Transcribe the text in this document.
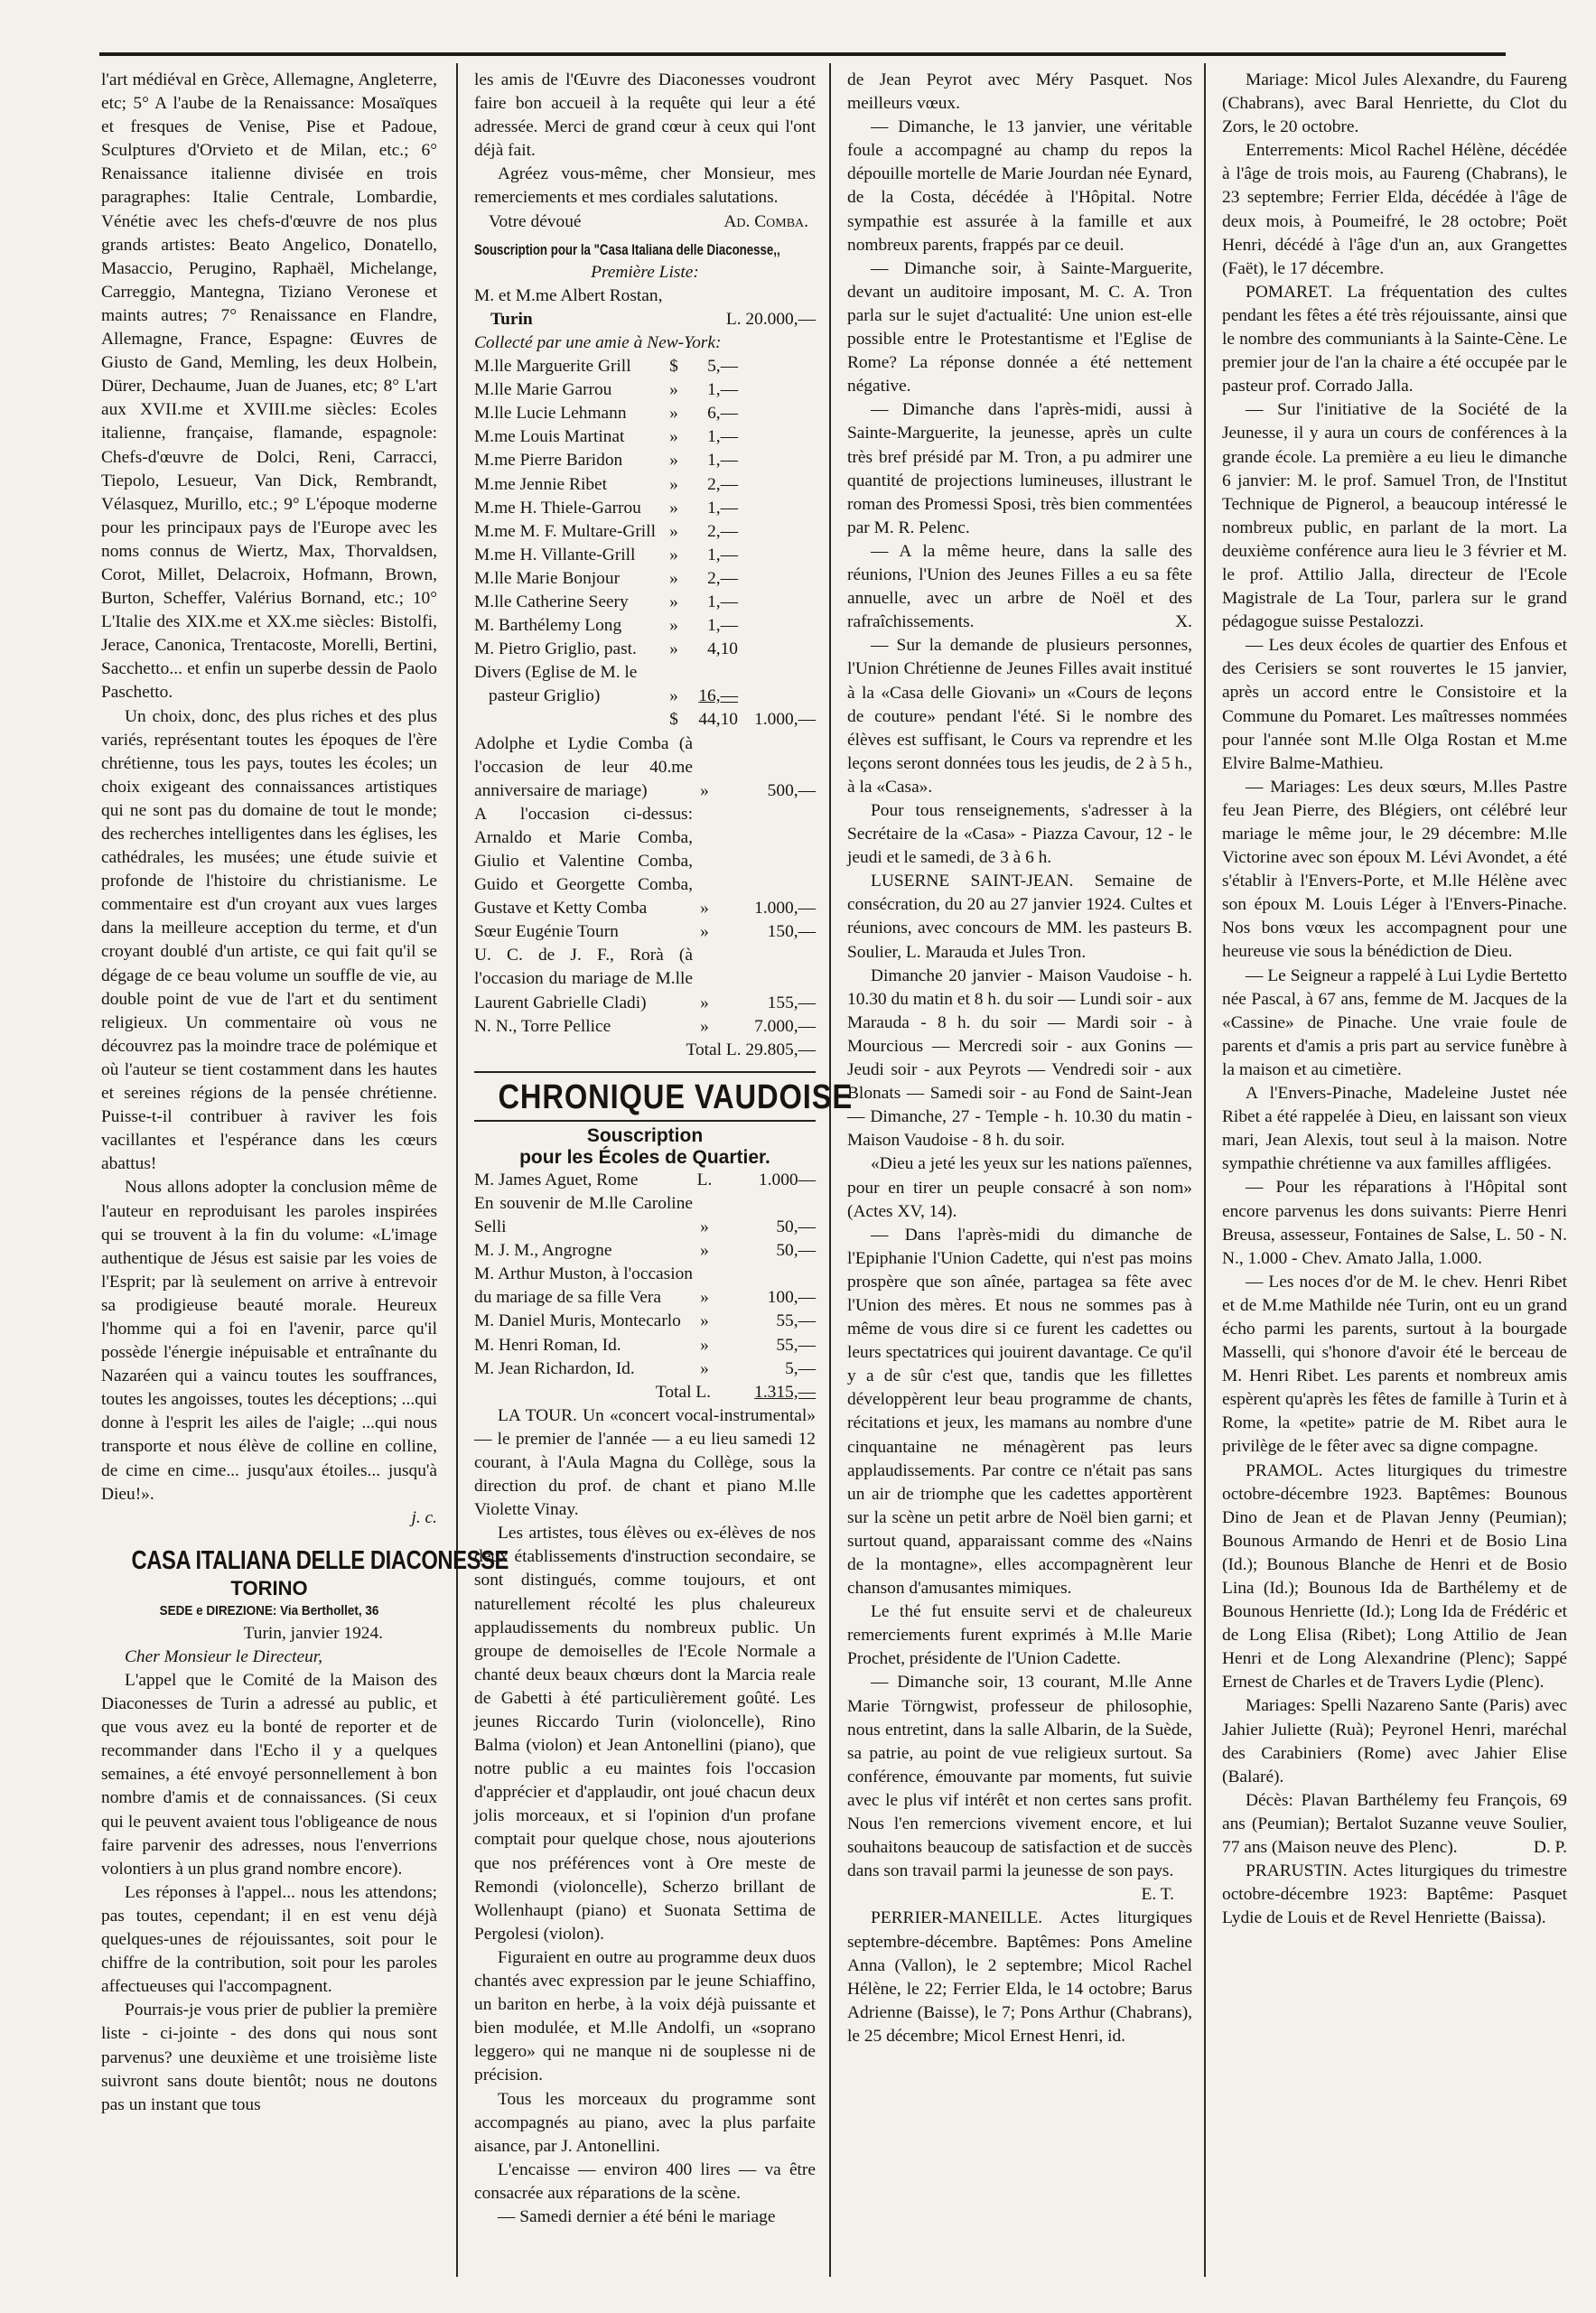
l'art médiéval en Grèce, Allemagne, Angleterre, etc; 5° A l'aube de la Renaissance: Mosaïques et fresques de Venise, Pise et Padoue, Sculptures d'Orvieto et de Milan, etc.; 6° Renaissance italienne divisée en trois paragraphes: Italie Centrale, Lombardie, Vénétie avec les chefs-d'œuvre de nos plus grands artistes: Beato Angelico, Donatello, Masaccio, Perugino, Raphaël, Michelange, Carreggio, Mantegna, Tiziano Veronese et maints autres; 7° Renaissance en Flandre, Allemagne, France, Espagne: Œuvres de Giusto de Gand, Memling, les deux Holbein, Dürer, Dechaume, Juan de Juanes, etc; 8° L'art aux XVII.me et XVIII.me siècles: Ecoles italienne, française, flamande, espagnole: Chefs-d'œuvre de Dolci, Reni, Carracci, Tiepolo, Lesueur, Van Dick, Rembrandt, Vélasquez, Murillo, etc.; 9° L'époque moderne pour les principaux pays de l'Europe avec les noms connus de Wiertz, Max, Thorvaldsen, Corot, Millet, Delacroix, Hofmann, Brown, Burton, Scheffer, Valérius Bornand, etc.; 10° L'Italie des XIX.me et XX.me siècles: Bistolfi, Jerace, Canonica, Trentacoste, Morelli, Bertini, Sacchetto... et enfin un superbe dessin de Paolo Paschetto.

Un choix, donc, des plus riches et des plus variés, représentant toutes les époques de l'ère chrétienne, tous les pays, toutes les écoles; un choix exigeant des connaissances artistiques qui ne sont pas du domaine de tout le monde; des recherches intelligentes dans les églises, les cathédrales, les musées; une étude suivie et profonde de l'histoire du christianisme. Le commentaire est d'un croyant aux vues larges dans la meilleure acception du terme, et d'un croyant doublé d'un artiste, ce qui fait qu'il se dégage de ce beau volume un souffle de vie, au double point de vue de l'art et du sentiment religieux. Un commentaire où vous ne découvrez pas la moindre trace de polémique et où l'auteur se tient costamment dans les hautes et sereines régions de la pensée chrétienne. Puisse-t-il contribuer à raviver les fois vacillantes et l'espérance dans les cœurs abattus!

Nous allons adopter la conclusion même de l'auteur en reproduisant les paroles inspirées qui se trouvent à la fin du volume: «L'image authentique de Jésus est saisie par les voies de l'Esprit; par là seulement on arrive à entrevoir sa prodigieuse beauté morale. Heureux l'homme qui a foi en l'avenir, parce qu'il possède l'énergie inépuisable et entraînante du Nazaréen qui a vaincu toutes les souffrances, toutes les angoisses, toutes les déceptions; ...qui donne à l'esprit les ailes de l'aigle; ...qui nous transporte et nous élève de colline en colline, de cime en cime... jusqu'aux étoiles... jusqu'à Dieu!».

j. c.

CASA ITALIANA DELLE DIACONESSE
TORINO
SEDE e DIREZIONE: Via Berthollet, 36

Turin, janvier 1924.

Cher Monsieur le Directeur,

L'appel que le Comité de la Maison des Diaconesses de Turin a adressé au public, et que vous avez eu la bonté de reporter et de recommander dans l'Echo il y a quelques semaines, a été envoyé personnellement à bon nombre d'amis et de connaissances. (Si ceux qui le peuvent avaient tous l'obligeance de nous faire parvenir des adresses, nous l'enverrions volontiers à un plus grand nombre encore).

Les réponses à l'appel... nous les attendons; pas toutes, cependant; il en est venu déjà quelques-unes de réjouissantes, soit pour le chiffre de la contribution, soit pour les paroles affectueuses qui l'accompagnent.

Pourrais-je vous prier de publier la première liste - ci-jointe - des dons qui nous sont parvenus? une deuxième et une troisième liste suivront sans doute bientôt; nous ne doutons pas un instant que tous

les amis de l'Œuvre des Diaconesses voudront faire bon accueil à la requête qui leur a été adressée. Merci de grand cœur à ceux qui l'ont déjà fait.

Agréez vous-même, cher Monsieur, mes remerciements et mes cordiales salutations.

Votre dévoué	Ad. Comba.
Souscription pour la "Casa Italiana delle Diaconesse,,

Première Liste:

M. et M.me Albert Rostan,

Turin	L. 20.000,—

Collecté par une amie à New-York:

M.lle Marguerite Grill	$	5,—
M.lle Marie Garrou	»	1,—
M.lle Lucie Lehmann	»	6,—
M.me Louis Martinat	»	1,—
M.me Pierre Baridon	»	1,—
M.me Jennie Ribet	»	2,—
M.me H. Thiele-Garrou	»	1,—
M.me M. F. Multare-Grill »	2,—
M.me H. Villante-Grill	»	1,—
M.lle Marie Bonjour	»	2,—
M.lle Catherine Seery	»	1,—
M. Barthélemy Long	»	1,—
M. Pietro Griglio, past.	»	4,10

Divers (Eglise de M. le

pasteur Griglio)	»	16,—
$	44,10 1.000,—
Adolphe et Lydie Comba (à l'occasion de leur 40.me anniversaire de mariage)	»	500,—
A l'occasion ci-dessus: Arnaldo et Marie Comba, Giulio et Valentine Comba, Guido et Georgette Comba, Gustave et Ketty Comba	»	1.000,—
Sœur Eugénie Tourn	»	150,—
U. C. de J. F., Rorà (à l'occasion du mariage de M.lle Laurent Gabrielle Cladi)	»	155,—
N. N., Torre Pellice	»	7.000,—

Total L. 29.805,—

CHRONIQUE VAUDOISE
Souscription
pour les Écoles de Quartier.
M. James Aguet, Rome	L.	1.000—
En souvenir de M.lle Caroline Selli	»	50,—
M. J. M., Angrogne	»	50,—
M. Arthur Muston, à l'occasion du mariage de sa fille Vera	»	100,—
M. Daniel Muris, Montecarlo	»	55,—
M. Henri Roman, Id.	»	55,—
M. Jean Richardon, Id.	»	5,—
Total L.	1.315,—

LA TOUR. Un «concert vocal-instrumental» — le premier de l'année — a eu lieu samedi 12 courant, à l'Aula Magna du Collège, sous la direction du prof. de chant et piano M.lle Violette Vinay.

Les artistes, tous élèves ou ex-élèves de nos deux établissements d'instruction secondaire, se sont distingués, comme toujours, et ont naturellement récolté les plus chaleureux applaudissements du nombreux public. Un groupe de demoiselles de l'Ecole Normale a chanté deux beaux chœurs dont la Marcia reale de Gabetti à été particulièrement goûté. Les jeunes Riccardo Turin (violoncelle), Rino Balma (violon) et Jean Antonellini (piano), que notre public a eu maintes fois l'occasion d'apprécier et d'applaudir, ont joué chacun deux jolis morceaux, et si l'opinion d'un profane comptait pour quelque chose, nous ajouterions que nos préférences vont à Ore meste de Remondi (violoncelle), Scherzo brillant de Wollenhaupt (piano) et Suonata Settima de Pergolesi (violon).

Figuraient en outre au programme deux duos chantés avec expression par le jeune Schiaffino, un bariton en herbe, à la voix déjà puissante et bien modulée, et M.lle Andolfi, un «soprano leggero» qui ne manque ni de souplesse ni de précision.

Tous les morceaux du programme sont accompagnés au piano, avec la plus parfaite aisance, par J. Antonellini.

L'encaisse — environ 400 lires — va être consacrée aux réparations de la scène.

— Samedi dernier a été béni le mariage

de Jean Peyrot avec Méry Pasquet. Nos meilleurs vœux.

— Dimanche, le 13 janvier, une véritable foule a accompagné au champ du repos la dépouille mortelle de Marie Jourdan née Eynard, de la Costa, décédée à l'Hôpital. Notre sympathie est assurée à la famille et aux nombreux parents, frappés par ce deuil.

— Dimanche soir, à Sainte-Marguerite, devant un auditoire imposant, M. C. A. Tron parla sur le sujet d'actualité: Une union est-elle possible entre le Protestantisme et l'Eglise de Rome? La réponse donnée a été nettement négative.

— Dimanche dans l'après-midi, aussi à Sainte-Marguerite, la jeunesse, après un culte très bref présidé par M. Tron, a pu admirer une quantité de projections lumineuses, illustrant le roman des Promessi Sposi, très bien commentées par M. R. Pelenc.

— A la même heure, dans la salle des réunions, l'Union des Jeunes Filles a eu sa fête annuelle, avec un arbre de Noël et des rafraîchissements.	X.

— Sur la demande de plusieurs personnes, l'Union Chrétienne de Jeunes Filles avait institué à la «Casa delle Giovani» un «Cours de leçons de couture» pendant l'été. Si le nombre des élèves est suffisant, le Cours va reprendre et les leçons seront données tous les jeudis, de 2 à 5 h., à la «Casa».

Pour tous renseignements, s'adresser à la Secrétaire de la «Casa» - Piazza Cavour, 12 - le jeudi et le samedi, de 3 à 6 h.

LUSERNE SAINT-JEAN. Semaine de consécration, du 20 au 27 janvier 1924. Cultes et réunions, avec concours de MM. les pasteurs B. Soulier, L. Marauda et Jules Tron.

Dimanche 20 janvier - Maison Vaudoise - h. 10.30 du matin et 8 h. du soir — Lundi soir - aux Marauda - 8 h. du soir — Mardi soir - à Mourcious — Mercredi soir - aux Gonins — Jeudi soir - aux Peyrots — Vendredi soir - aux Blonats — Samedi soir - au Fond de Saint-Jean — Dimanche, 27 - Temple - h. 10.30 du matin - Maison Vaudoise - 8 h. du soir.

«Dieu a jeté les yeux sur les nations païennes, pour en tirer un peuple consacré à son nom» (Actes XV, 14).

— Dans l'après-midi du dimanche de l'Epiphanie l'Union Cadette, qui n'est pas moins prospère que son aînée, partagea sa fête avec l'Union des mères. Et nous ne sommes pas à même de vous dire si ce furent les cadettes ou leurs spectatrices qui jouirent davantage. Ce qu'il y a de sûr c'est que, tandis que les fillettes développèrent leur beau programme de chants, récitations et jeux, les mamans au nombre d'une cinquantaine ne ménagèrent pas leurs applaudissements. Par contre ce n'était pas sans un air de triomphe que les cadettes apportèrent sur la scène un petit arbre de Noël bien garni; et surtout quand, apparaissant comme des «Nains de la montagne», elles accompagnèrent leur chanson d'amusantes mimiques.

Le thé fut ensuite servi et de chaleureux remerciements furent exprimés à M.lle Marie Prochet, présidente de l'Union Cadette.

— Dimanche soir, 13 courant, M.lle Anne Marie Törngwist, professeur de philosophie, nous entretint, dans la salle Albarin, de la Suède, sa patrie, au point de vue religieux surtout. Sa conférence, émouvante par moments, fut suivie avec le plus vif intérêt et non certes sans profit. Nous l'en remercions vivement encore, et lui souhaitons beaucoup de satisfaction et de succès dans son travail parmi la jeunesse de son pays.

E. T.

PERRIER-MANEILLE. Actes liturgiques septembre-décembre. Baptêmes: Pons Ameline Anna (Vallon), le 2 septembre; Micol Rachel Hélène, le 22; Ferrier Elda, le 14 octobre; Barus Adrienne (Baisse), le 7; Pons Arthur (Chabrans), le 25 décembre; Micol Ernest Henri, id.

Mariage: Micol Jules Alexandre, du Faureng (Chabrans), avec Baral Henriette, du Clot du Zors, le 20 octobre.

Enterrements: Micol Rachel Hélène, décédée à l'âge de trois mois, au Faureng (Chabrans), le 23 septembre; Ferrier Elda, décédée à l'âge de deux mois, à Poumeifré, le 28 octobre; Poët Henri, décédé à l'âge d'un an, aux Grangettes (Faët), le 17 décembre.

POMARET. La fréquentation des cultes pendant les fêtes a été très réjouissante, ainsi que le nombre des communiants à la Sainte-Cène. Le premier jour de l'an la chaire a été occupée par le pasteur prof. Corrado Jalla.

— Sur l'initiative de la Société de la Jeunesse, il y aura un cours de conférences à la grande école. La première a eu lieu le dimanche 6 janvier: M. le prof. Samuel Tron, de l'Institut Technique de Pignerol, a beaucoup intéressé le nombreux public, en parlant de la mort. La deuxième conférence aura lieu le 3 février et M. le prof. Attilio Jalla, directeur de l'Ecole Magistrale de La Tour, parlera sur le grand pédagogue suisse Pestalozzi.

— Les deux écoles de quartier des Enfous et des Cerisiers se sont rouvertes le 15 janvier, après un accord entre le Consistoire et la Commune du Pomaret. Les maîtresses nommées pour l'année sont M.lle Olga Rostan et M.me Elvire Balme-Mathieu.

— Mariages: Les deux sœurs, M.lles Pastre feu Jean Pierre, des Blégiers, ont célébré leur mariage le même jour, le 29 décembre: M.lle Victorine avec son époux M. Lévi Avondet, a été s'établir à l'Envers-Porte, et M.lle Hélène avec son époux M. Louis Léger à l'Envers-Pinache. Nos bons vœux les accompagnent pour une heureuse vie sous la bénédiction de Dieu.

— Le Seigneur a rappelé à Lui Lydie Bertetto née Pascal, à 67 ans, femme de M. Jacques de la «Cassine» de Pinache. Une vraie foule de parents et d'amis a pris part au service funèbre à la maison et au cimetière.

A l'Envers-Pinache, Madeleine Justet née Ribet a été rappelée à Dieu, en laissant son vieux mari, Jean Alexis, tout seul à la maison. Notre sympathie chrétienne va aux familles affligées.

— Pour les réparations à l'Hôpital sont encore parvenus les dons suivants: Pierre Henri Breusa, assesseur, Fontaines de Salse, L. 50 - N. N., 1.000 - Chev. Amato Jalla, 1.000.

— Les noces d'or de M. le chev. Henri Ribet et de M.me Mathilde née Turin, ont eu un grand écho parmi les parents, surtout à la bourgade Masselli, qui s'honore d'avoir été le berceau de M. Henri Ribet. Les parents et nombreux amis espèrent qu'après les fêtes de famille à Turin et à Rome, la «petite» patrie de M. Ribet aura le privilège de le fêter avec sa digne compagne.

PRAMOL. Actes liturgiques du trimestre octobre-décembre 1923. Baptêmes: Bounous Dino de Jean et de Plavan Jenny (Peumian); Bounous Armando de Henri et de Bosio Lina (Id.); Bounous Blanche de Henri et de Bosio Lina (Id.); Bounous Ida de Barthélemy et de Bounous Henriette (Id.); Long Ida de Frédéric et de Long Elisa (Ribet); Long Attilio de Jean Henri et de Long Alexandrine (Plenc); Sappé Ernest de Charles et de Travers Lydie (Plenc).

Mariages: Spelli Nazareno Sante (Paris) avec Jahier Juliette (Ruà); Peyronel Henri, maréchal des Carabiniers (Rome) avec Jahier Elise (Balaré).

Décès: Plavan Barthélemy feu François, 69 ans (Peumian); Bertalot Suzanne veuve Soulier, 77 ans (Maison neuve des Plenc).	D. P.

PRARUSTIN. Actes liturgiques du trimestre octobre-décembre 1923: Baptême: Pasquet Lydie de Louis et de Revel Henriette (Baissa).
